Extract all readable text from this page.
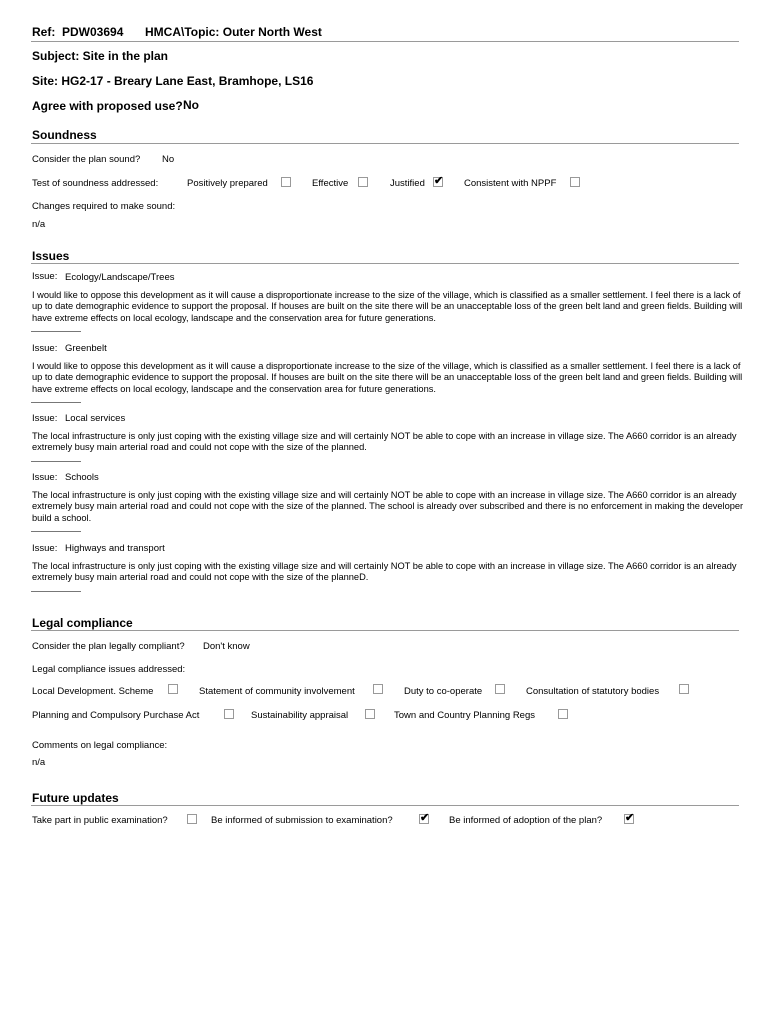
Ref: PDW03694 HMCA\Topic: Outer North West
Subject: Site in the plan
Site: HG2-17 - Breary Lane East, Bramhope, LS16
Agree with proposed use? No
Soundness
Consider the plan sound? No
Test of soundness addressed:	Positively prepared	Effective	Justified ✔ Consistent with NPPF
Changes required to make sound:
n/a
Issues
Issue: Ecology/Landscape/Trees
I would like to oppose this development as it will cause a disproportionate increase to the size of the village, which is classified as a smaller settlement. I feel there is a lack of up to date demographic evidence to support the proposal. If houses are built on the site there will be an unacceptable loss of the green belt land and green fields. Building will have extreme effects on local ecology, landscape and the conservation area for future generations.
Issue: Greenbelt
I would like to oppose this development as it will cause a disproportionate increase to the size of the village, which is classified as a smaller settlement. I feel there is a lack of up to date demographic evidence to support the proposal. If houses are built on the site there will be an unacceptable loss of the green belt land and green fields. Building will have extreme effects on local ecology, landscape and the conservation area for future generations.
Issue: Local services
The local infrastructure is only just coping with the existing village size and will certainly NOT be able to cope with an increase in village size. The A660 corridor is an already extremely busy main arterial road and could not cope with the size of the planned.
Issue: Schools
The local infrastructure is only just coping with the existing village size and will certainly NOT be able to cope with an increase in village size. The A660 corridor is an already extremely busy main arterial road and could not cope with the size of the planned. The school is already over subscribed and there is no enforcement in making the developer build a school.
Issue: Highways and transport
The local infrastructure is only just coping with the existing village size and will certainly NOT be able to cope with an increase in village size. The A660 corridor is an already extremely busy main arterial road and could not cope with the size of the planneD.
Legal compliance
Consider the plan legally compliant? Don't know
Legal compliance issues addressed:
Local Development. Scheme	Statement of community involvement	Duty to co-operate	Consultation of statutory bodies
Planning and Compulsory Purchase Act	Sustainability appraisal	Town and Country Planning Regs
Comments on legal compliance:
n/a
Future updates
Take part in public examination?	Be informed of submission to examination? ✔ Be informed of adoption of the plan? ✔
